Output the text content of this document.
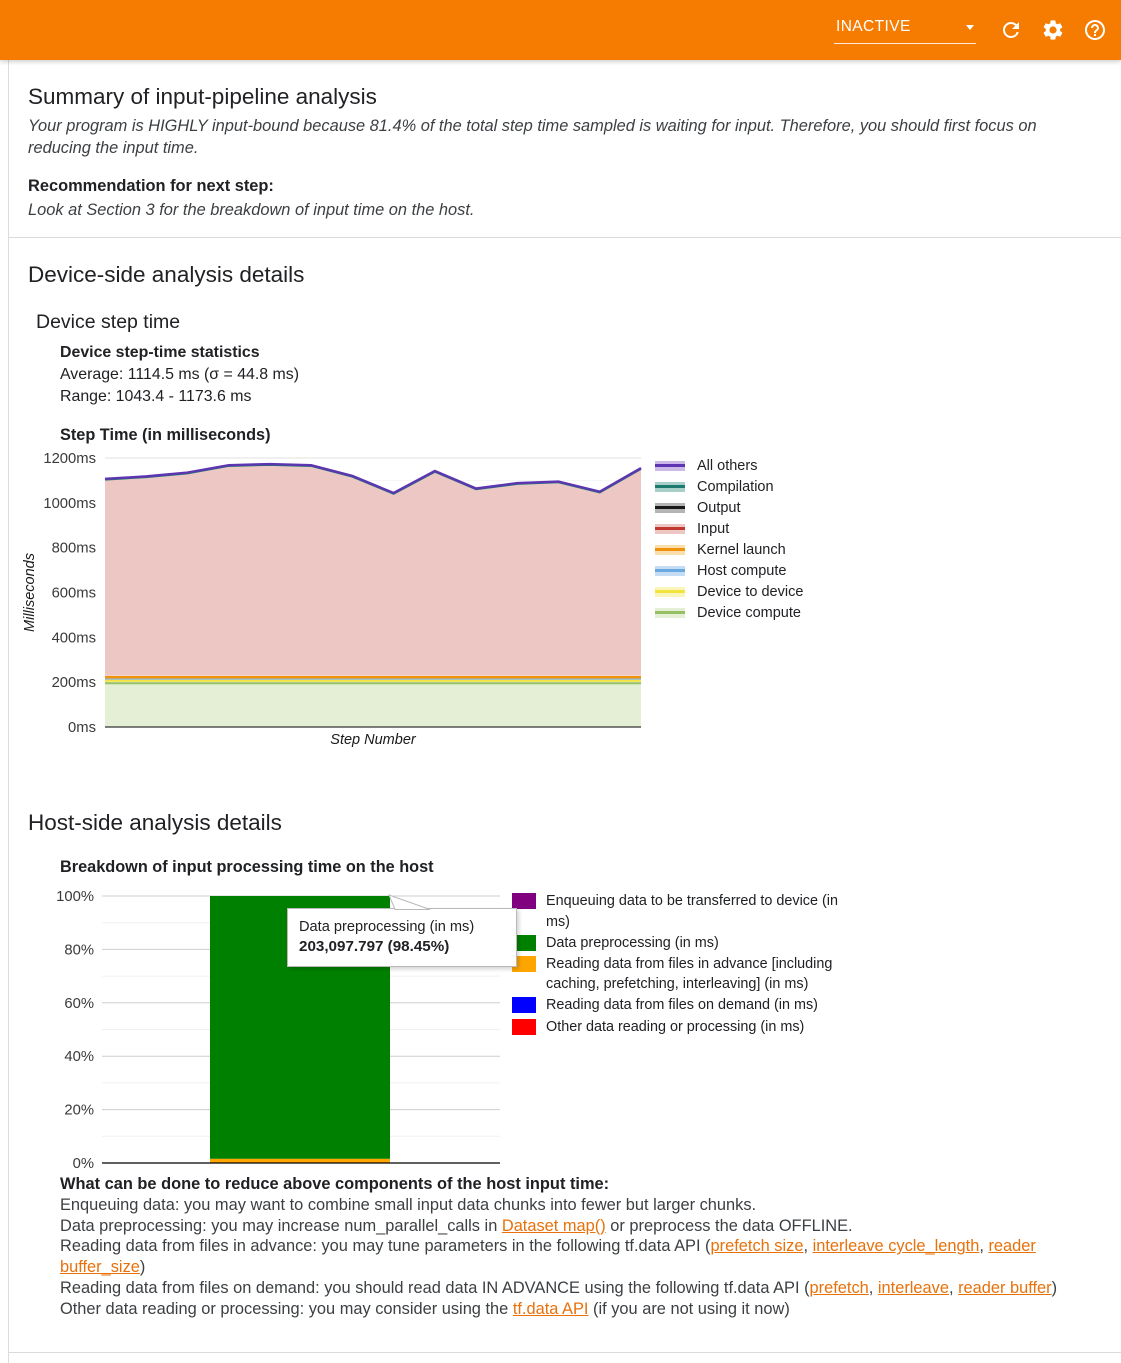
INACTIVE
Summary of input-pipeline analysis

Your program is HIGHLY input-bound because 81.4% of the total step time sampled is waiting for input. Therefore, you should first focus on reducing the input time.

Recommendation for next step:

Look at Section 3 for the breakdown of input time on the host.

Device-side analysis details
Device step time

Device step-time statistics

Average: 1114.5 ms (σ = 44.8 ms)

Range: 1043.4 - 1173.6 ms

Step Time (in milliseconds)

0ms
200ms
400ms
600ms
800ms
1000ms
1200ms
Milliseconds
Step Number
All others
Compilation
Output
Input
Kernel launch
Host compute
Device to device
Device compute
Host-side analysis details

Breakdown of input processing time on the host

0%
20%
40%
60%
80%
100%
Data preprocessing (in ms)
203,097.797 (98.45%)
Enqueuing data to be transferred to device (in ms)
Data preprocessing (in ms)
Reading data from files in advance [including caching, prefetching, interleaving] (in ms)
Reading data from files on demand (in ms)
Other data reading or processing (in ms)

What can be done to reduce above components of the host input time:

Enqueuing data: you may want to combine small input data chunks into fewer but larger chunks.

Data preprocessing: you may increase num_parallel_calls in Dataset map() or preprocess the data OFFLINE.

Reading data from files in advance: you may tune parameters in the following tf.data API (prefetch size, interleave cycle_length, reader buffer_size)

Reading data from files on demand: you should read data IN ADVANCE using the following tf.data API (prefetch, interleave, reader buffer)

Other data reading or processing: you may consider using the tf.data API (if you are not using it now)
